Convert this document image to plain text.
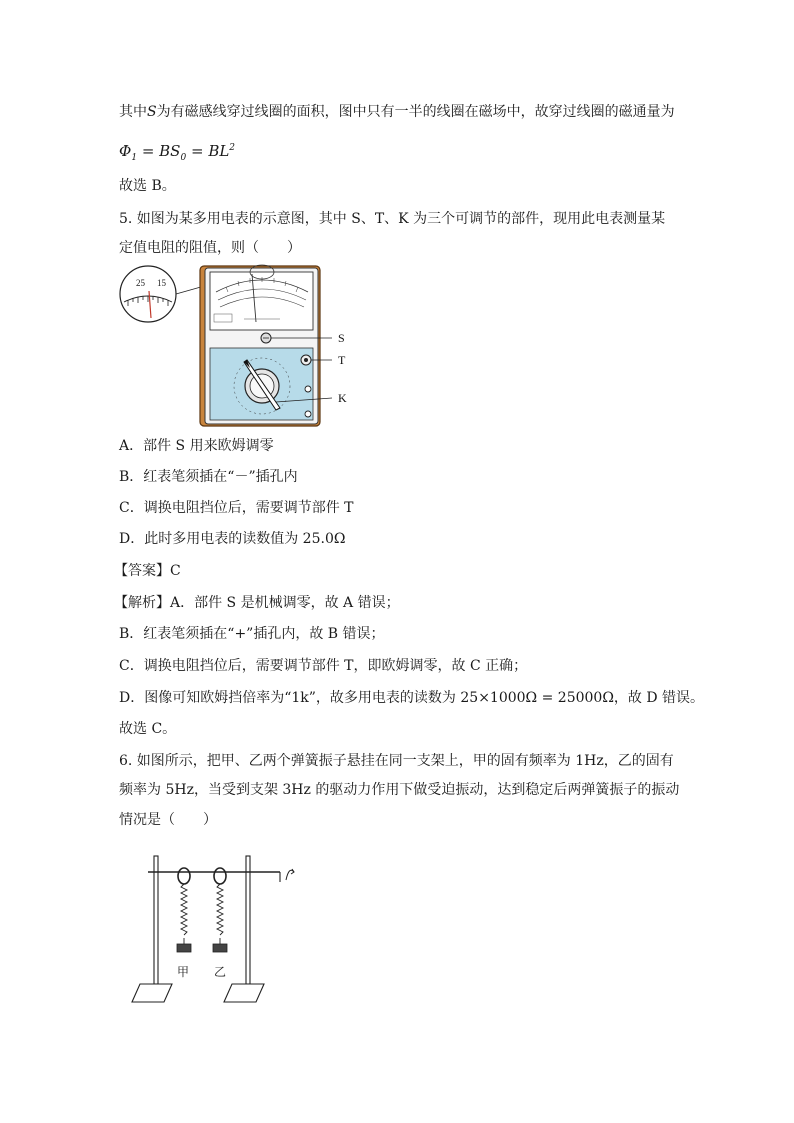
其中S为有磁感线穿过线圈的面积，图中只有一半的线圈在磁场中，故穿过线圈的磁通量为
$\Phi_1 = BS_0 = BL^2$
故选 B。
5. 如图为某多用电表的示意图，其中 S、T、K 为三个可调节的部件，现用此电表测量某
定值电阻的阻值，则（　　）
25 15
S
T
K
A．部件 S 用来欧姆调零
B．红表笔须插在“－”插孔内
C．调换电阻挡位后，需要调节部件 T
D．此时多用电表的读数值为 25.0Ω
【答案】C
【解析】A．部件 S 是机械调零，故 A 错误；
B．红表笔须插在“+”插孔内，故 B 错误；
C．调换电阻挡位后，需要调节部件 T，即欧姆调零，故 C 正确；
D．图像可知欧姆挡倍率为“1k”，故多用电表的读数为 25×1000Ω = 25000Ω，故 D 错误。
故选 C。
6. 如图所示，把甲、乙两个弹簧振子悬挂在同一支架上，甲的固有频率为 1Hz，乙的固有
频率为 5Hz，当受到支架 3Hz 的驱动力作用下做受迫振动，达到稳定后两弹簧振子的振动
情况是（　　）
甲 乙
